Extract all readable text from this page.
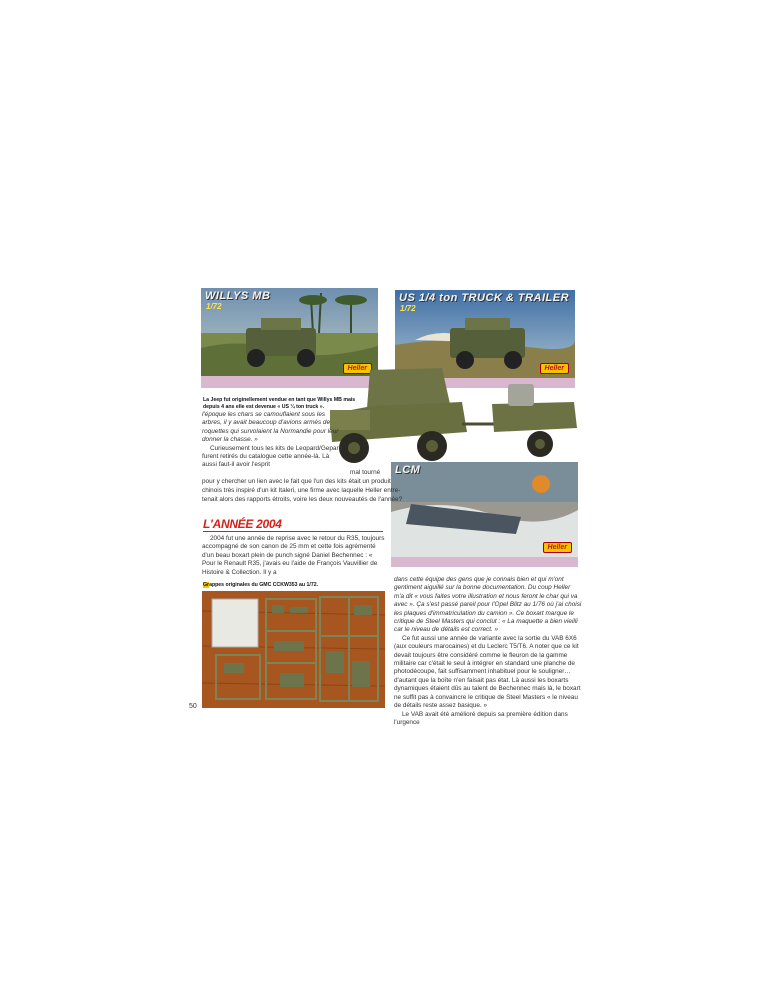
WILLYS MB
1/72
Heller
US 1/4 ton TRUCK & TRAILER
1/72
Heller
LCM
Heller
La Jeep fut originellement vendue en tant que Willys MB mais depuis 4 ans elle est devenue « US ¼ ton truck ».

l'époque les chars se camouflaient sous les arbres, il y avait beaucoup d'avions armés de roquettes qui survolaient la Normandie pour leur donner la chasse. »

Curieusement tous les kits de Leopard/Gepard furent retirés du catalogue cette année-là. Là aussi faut-il avoir l'esprit

mal tourné
pour y chercher un lien avec le fait que l'un des kits était un produit
chinois très inspiré d'un kit Italeri, une firme avec laquelle Heller entre-
tenait alors des rapports étroits, voire les deux nouveautés de l'année?
L'ANNÉE 2004

2004 fut une année de reprise avec le retour du R35, toujours accompagné de son canon de 25 mm et cette fois agrémenté d'un beau boxart plein de punch signé Daniel Bechennec : « Pour le Renault R35, j'avais eu l'aide de François Vauvillier de Histoire & Collection. Il y a

Grappes originales du GMC CCKW353 au 1/72.

dans cette équipe des gens que je connais bien et qui m'ont gentiment aiguillé sur la bonne documentation. Du coup Heller m'a dit « vous faites votre illustration et nous feront le char qui va avec ». Ça s'est passé pareil pour l'Opel Blitz au 1/76 où j'ai choisi les plaques d'immatriculation du camion ». Ce boxart marque le critique de Steel Masters qui conclut : « La maquette a bien vieilli car le niveau de détails est correct. »

Ce fut aussi une année de variante avec la sortie du VAB 6X6 (aux couleurs marocaines) et du Leclerc T5/T6. A noter que ce kit devait toujours être considéré comme le fleuron de la gamme militaire car c'était le seul à intégrer en standard une planche de photodécoupe, fait suffisamment inhabituel pour le souligner… d'autant que la boîte n'en faisait pas état. Là aussi les boxarts dynamiques étaient dûs au talent de Bechennec mais là, le boxart ne suffit pas à convaincre le critique de Steel Masters « le niveau de détails reste assez basique. »

Le VAB avait été amélioré depuis sa première édition dans l'urgence

50
